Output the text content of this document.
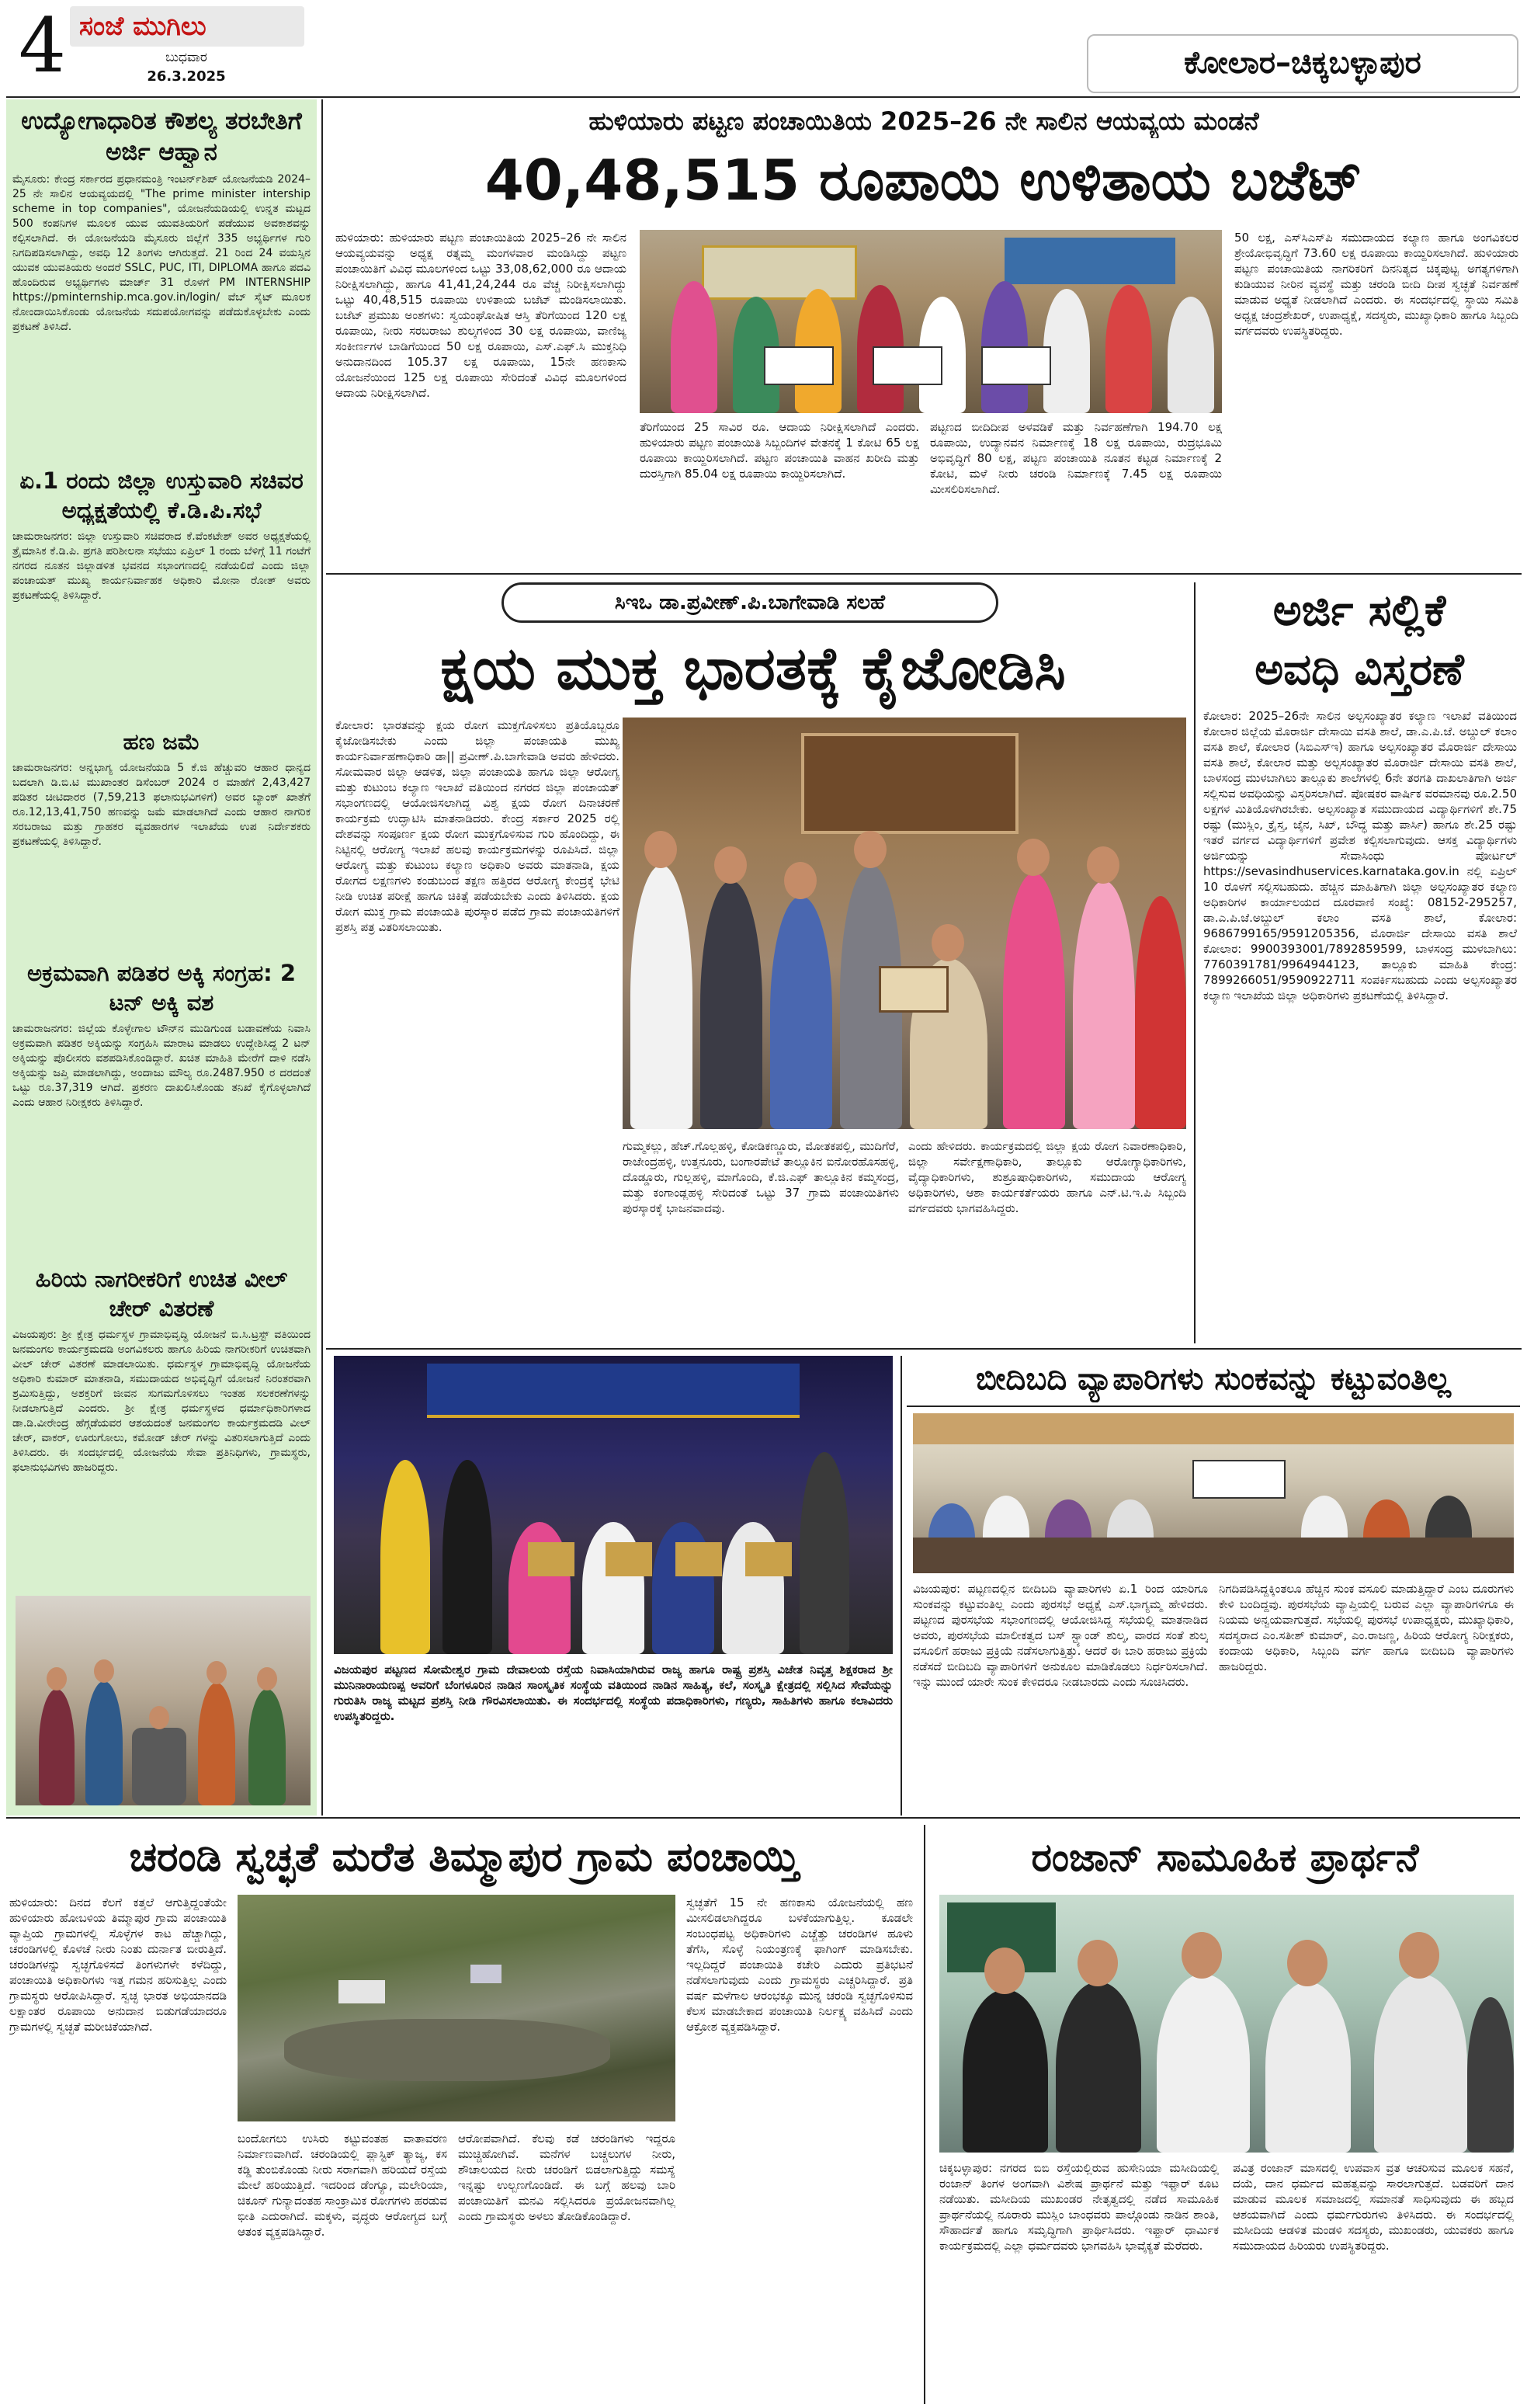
4 ಸಂಜೆ ಮುಗಿಲು
ಬುಧವಾರ
26.3.2025	ಕೋಲಾರ–ಚಿಕ್ಕಬಳ್ಳಾಪುರ
ಉದ್ಯೋಗಾಧಾರಿತ ಕೌಶಲ್ಯ ತರಬೇತಿಗೆ ಅರ್ಜಿ ಆಹ್ವಾನ
ಮೈಸೂರು: ಕೇಂದ್ರ ಸರ್ಕಾರದ ಪ್ರಧಾನಮಂತ್ರಿ ಇಂಟರ್ನ್‌ಶಿಪ್ ಯೋಜನೆಯಡಿ 2024–25 ನೇ ಸಾಲಿನ ಆಯವ್ಯಯದಲ್ಲಿ "The prime minister intership scheme in top companies", ಯೋಜನೆಯಡಿಯಲ್ಲಿ ಉನ್ನತ ಮಟ್ಟದ 500 ಕಂಪನಿಗಳ ಮೂಲಕ ಯುವ ಯುವತಿಯರಿಗೆ ಪಡೆಯುವ ಅವಕಾಶವನ್ನು ಕಲ್ಪಿಸಲಾಗಿದೆ. ಈ ಯೋಜನೆಯಡಿ ಮೈಸೂರು ಜಿಲ್ಲೆಗೆ 335 ಅಭ್ಯರ್ಥಿಗಳ ಗುರಿ ನಿಗದಿಪಡಿಸಲಾಗಿದ್ದು, ಅವಧಿ 12 ತಿಂಗಳು ಆಗಿರುತ್ತದೆ. 21 ರಿಂದ 24 ವಯಸ್ಸಿನ ಯುವಕ ಯುವತಿಯರು ಅಂದರೆ SSLC, PUC, ITI, DIPLOMA ಹಾಗೂ ಪದವಿ ಹೊಂದಿರುವ ಅಭ್ಯರ್ಥಿಗಳು ಮಾರ್ಚ್ 31 ರೊಳಗೆ PM INTERNSHIP https://pminternship.mca.gov.in/login/ ವೆಬ್ ಸೈಟ್ ಮೂಲಕ ನೋಂದಾಯಿಸಿಕೊಂಡು ಯೋಜನೆಯ ಸದುಪಯೋಗವನ್ನು ಪಡೆದುಕೊಳ್ಳಬೇಕು ಎಂದು ಪ್ರಕಟಣೆ ತಿಳಿಸಿದೆ.
ಏ.1 ರಂದು ಜಿಲ್ಲಾ ಉಸ್ತುವಾರಿ ಸಚಿವರ ಅಧ್ಯಕ್ಷತೆಯಲ್ಲಿ ಕೆ.ಡಿ.ಪಿ.ಸಭೆ
ಚಾಮರಾಜನಗರ: ಜಿಲ್ಲಾ ಉಸ್ತುವಾರಿ ಸಚಿವರಾದ ಕೆ.ವೆಂಕಟೇಶ್ ಅವರ ಅಧ್ಯಕ್ಷತೆಯಲ್ಲಿ ತ್ರೈಮಾಸಿಕ ಕೆ.ಡಿ.ಪಿ. ಪ್ರಗತಿ ಪರಿಶೀಲನಾ ಸಭೆಯು ಏಪ್ರಿಲ್ 1 ರಂದು ಬೆಳಿಗ್ಗೆ 11 ಗಂಟೆಗೆ ನಗರದ ನೂತನ ಜಿಲ್ಲಾಡಳಿತ ಭವನದ ಸಭಾಂಗಣದಲ್ಲಿ ನಡೆಯಲಿದೆ ಎಂದು ಜಿಲ್ಲಾ ಪಂಚಾಯತ್ ಮುಖ್ಯ ಕಾರ್ಯನಿರ್ವಾಹಕ ಅಧಿಕಾರಿ ಮೋನಾ ರೋತ್ ಅವರು ಪ್ರಕಟಣೆಯಲ್ಲಿ ತಿಳಿಸಿದ್ದಾರೆ.
ಹಣ ಜಮೆ
ಚಾಮರಾಜನಗರ: ಅನ್ನಭಾಗ್ಯ ಯೋಜನೆಯಡಿ 5 ಕೆ.ಜಿ ಹೆಚ್ಚುವರಿ ಆಹಾರ ಧಾನ್ಯದ ಬದಲಾಗಿ ಡಿ.ಬಿ.ಟಿ ಮುಖಾಂತರ ಡಿಸೆಂಬರ್ 2024 ರ ಮಾಹೆಗೆ 2,43,427 ಪಡಿತರ ಚೀಟಿದಾರರ (7,59,213 ಫಲಾನುಭವಿಗಳಿಗೆ) ಅವರ ಬ್ಯಾಂಕ್ ಖಾತೆಗೆ ರೂ.12,13,41,750 ಹಣವನ್ನು ಜಮೆ ಮಾಡಲಾಗಿದೆ ಎಂದು ಆಹಾರ ನಾಗರಿಕ ಸರಬರಾಜು ಮತ್ತು ಗ್ರಾಹಕರ ವ್ಯವಹಾರಗಳ ಇಲಾಖೆಯ ಉಪ ನಿರ್ದೇಶಕರು ಪ್ರಕಟಣೆಯಲ್ಲಿ ತಿಳಿಸಿದ್ದಾರೆ.
ಅಕ್ರಮವಾಗಿ ಪಡಿತರ ಅಕ್ಕಿ ಸಂಗ್ರಹ: 2 ಟನ್ ಅಕ್ಕಿ ವಶ
ಚಾಮರಾಜನಗರ: ಜಿಲ್ಲೆಯ ಕೊಳ್ಳೇಗಾಲ ಟೌನ್‌ನ ಮುಡಿಗುಂಡ ಬಡಾವಣೆಯ ನಿವಾಸಿ ಅಕ್ರಮವಾಗಿ ಪಡಿತರ ಅಕ್ಕಿಯನ್ನು ಸಂಗ್ರಹಿಸಿ ಮಾರಾಟ ಮಾಡಲು ಉದ್ದೇಶಿಸಿದ್ದ 2 ಟನ್ ಅಕ್ಕಿಯನ್ನು ಪೊಲೀಸರು ವಶಪಡಿಸಿಕೊಂಡಿದ್ದಾರೆ. ಖಚಿತ ಮಾಹಿತಿ ಮೇರೆಗೆ ದಾಳಿ ನಡೆಸಿ ಅಕ್ಕಿಯನ್ನು ಜಪ್ತಿ ಮಾಡಲಾಗಿದ್ದು, ಅಂದಾಜು ಮೌಲ್ಯ ರೂ.2487.950 ರ ದರದಂತೆ ಒಟ್ಟು ರೂ.37,319 ಆಗಿದೆ. ಪ್ರಕರಣ ದಾಖಲಿಸಿಕೊಂಡು ತನಿಖೆ ಕೈಗೊಳ್ಳಲಾಗಿದೆ ಎಂದು ಆಹಾರ ನಿರೀಕ್ಷಕರು ತಿಳಿಸಿದ್ದಾರೆ.
ಹಿರಿಯ ನಾಗರೀಕರಿಗೆ ಉಚಿತ ವೀಲ್ ಚೇರ್ ವಿತರಣೆ
ವಿಜಯಪುರ: ಶ್ರೀ ಕ್ಷೇತ್ರ ಧರ್ಮಸ್ಥಳ ಗ್ರಾಮಾಭಿವೃದ್ಧಿ ಯೋಜನೆ ಬಿ.ಸಿ.ಟ್ರಸ್ಟ್ ವತಿಯಿಂದ ಜನಮಂಗಲ ಕಾರ್ಯಕ್ರಮದಡಿ ಅಂಗವಿಕಲರು ಹಾಗೂ ಹಿರಿಯ ನಾಗರೀಕರಿಗೆ ಉಚಿತವಾಗಿ ವೀಲ್ ಚೇರ್ ವಿತರಣೆ ಮಾಡಲಾಯಿತು. ಧರ್ಮಸ್ಥಳ ಗ್ರಾಮಾಭಿವೃದ್ಧಿ ಯೋಜನೆಯ ಅಧಿಕಾರಿ ಕುಮಾರ್ ಮಾತನಾಡಿ, ಸಮುದಾಯದ ಅಭಿವೃದ್ಧಿಗೆ ಯೋಜನೆ ನಿರಂತರವಾಗಿ ಶ್ರಮಿಸುತ್ತಿದ್ದು, ಅಶಕ್ತರಿಗೆ ಜೀವನ ಸುಗಮಗೊಳಿಸಲು ಇಂತಹ ಸಲಕರಣೆಗಳನ್ನು ನೀಡಲಾಗುತ್ತಿದೆ ಎಂದರು. ಶ್ರೀ ಕ್ಷೇತ್ರ ಧರ್ಮಸ್ಥಳದ ಧರ್ಮಾಧಿಕಾರಿಗಳಾದ ಡಾ.ಡಿ.ವೀರೇಂದ್ರ ಹೆಗ್ಗಡೆಯವರ ಆಶಯದಂತೆ ಜನಮಂಗಲ ಕಾರ್ಯಕ್ರಮದಡಿ ವೀಲ್ ಚೇರ್, ವಾಕರ್, ಊರುಗೋಲು, ಕಮೋಡ್ ಚೇರ್ ಗಳನ್ನು ವಿತರಿಸಲಾಗುತ್ತಿದೆ ಎಂದು ತಿಳಿಸಿದರು. ಈ ಸಂದರ್ಭದಲ್ಲಿ ಯೋಜನೆಯ ಸೇವಾ ಪ್ರತಿನಿಧಿಗಳು, ಗ್ರಾಮಸ್ಥರು, ಫಲಾನುಭವಿಗಳು ಹಾಜರಿದ್ದರು.
ಹುಳಿಯಾರು ಪಟ್ಟಣ ಪಂಚಾಯಿತಿಯ 2025–26 ನೇ ಸಾಲಿನ ಆಯವ್ಯಯ ಮಂಡನೆ
40,48,515 ರೂಪಾಯಿ ಉಳಿತಾಯ ಬಜೆಟ್
ಹುಳಿಯಾರು: ಹುಳಿಯಾರು ಪಟ್ಟಣ ಪಂಚಾಯಿತಿಯ 2025–26 ನೇ ಸಾಲಿನ ಆಯವ್ಯಯವನ್ನು ಅಧ್ಯಕ್ಷ ರತ್ನಮ್ಮ ಮಂಗಳವಾರ ಮಂಡಿಸಿದ್ದು ಪಟ್ಟಣ ಪಂಚಾಯಿತಿಗೆ ವಿವಿಧ ಮೂಲಗಳಿಂದ ಒಟ್ಟು 33,08,62,000 ರೂ ಆದಾಯ ನಿರೀಕ್ಷಿಸಲಾಗಿದ್ದು, ಹಾಗೂ 41,41,24,244 ರೂ ವೆಚ್ಚ ನಿರೀಕ್ಷಿಸಲಾಗಿದ್ದು ಒಟ್ಟು 40,48,515 ರೂಪಾಯಿ ಉಳಿತಾಯ ಬಜೆಟ್ ಮಂಡಿಸಲಾಯಿತು. ಬಜೆಟ್ ಪ್ರಮುಖ ಅಂಶಗಳು: ಸ್ವಯಂಘೋಷಿತ ಆಸ್ತಿ ತೆರಿಗೆಯಿಂದ 120 ಲಕ್ಷ ರೂಪಾಯಿ, ನೀರು ಸರಬರಾಜು ಶುಲ್ಕಗಳಿಂದ 30 ಲಕ್ಷ ರೂಪಾಯಿ, ವಾಣಿಜ್ಯ ಸಂಕೀರ್ಣಗಳ ಬಾಡಿಗೆಯಿಂದ 50 ಲಕ್ಷ ರೂಪಾಯಿ, ಎಸ್.ಎಫ್.ಸಿ ಮುಕ್ತನಿಧಿ ಅನುದಾನದಿಂದ 105.37 ಲಕ್ಷ ರೂಪಾಯಿ, 15ನೇ ಹಣಕಾಸು ಯೋಜನೆಯಿಂದ 125 ಲಕ್ಷ ರೂಪಾಯಿ ಸೇರಿದಂತೆ ವಿವಿಧ ಮೂಲಗಳಿಂದ ಆದಾಯ ನಿರೀಕ್ಷಿಸಲಾಗಿದೆ.
ತೆರಿಗೆಯಿಂದ 25 ಸಾವಿರ ರೂ. ಆದಾಯ ನಿರೀಕ್ಷಿಸಲಾಗಿದೆ ಎಂದರು. ಹುಳಿಯಾರು ಪಟ್ಟಣ ಪಂಚಾಯಿತಿ ಸಿಬ್ಬಂದಿಗಳ ವೇತನಕ್ಕೆ 1 ಕೋಟಿ 65 ಲಕ್ಷ ರೂಪಾಯಿ ಕಾಯ್ದಿರಿಸಲಾಗಿದೆ. ಪಟ್ಟಣ ಪಂಚಾಯಿತಿ ವಾಹನ ಖರೀದಿ ಮತ್ತು ದುರಸ್ತಿಗಾಗಿ 85.04 ಲಕ್ಷ ರೂಪಾಯಿ ಕಾಯ್ದಿರಿಸಲಾಗಿದೆ.
ಪಟ್ಟಣದ ಬೀದಿದೀಪ ಅಳವಡಿಕೆ ಮತ್ತು ನಿರ್ವಹಣೆಗಾಗಿ 194.70 ಲಕ್ಷ ರೂಪಾಯಿ, ಉದ್ಯಾನವನ ನಿರ್ಮಾಣಕ್ಕೆ 18 ಲಕ್ಷ ರೂಪಾಯಿ, ರುದ್ರಭೂಮಿ ಅಭಿವೃದ್ಧಿಗೆ 80 ಲಕ್ಷ, ಪಟ್ಟಣ ಪಂಚಾಯಿತಿ ನೂತನ ಕಟ್ಟಡ ನಿರ್ಮಾಣಕ್ಕೆ 2 ಕೋಟಿ, ಮಳೆ ನೀರು ಚರಂಡಿ ನಿರ್ಮಾಣಕ್ಕೆ 7.45 ಲಕ್ಷ ರೂಪಾಯಿ ಮೀಸಲಿರಿಸಲಾಗಿದೆ.
50 ಲಕ್ಷ, ಎಸ್‌ಸಿಎಸ್‌ಪಿ ಸಮುದಾಯದ ಕಲ್ಯಾಣ ಹಾಗೂ ಅಂಗವಿಕಲರ ಶ್ರೇಯೋಭಿವೃದ್ಧಿಗೆ 73.60 ಲಕ್ಷ ರೂಪಾಯಿ ಕಾಯ್ದಿರಿಸಲಾಗಿದೆ. ಹುಳಿಯಾರು ಪಟ್ಟಣ ಪಂಚಾಯಿತಿಯ ನಾಗರಿಕರಿಗೆ ದಿನನಿತ್ಯದ ಚಿಕ್ಕಪುಟ್ಟ ಅಗತ್ಯಗಳಿಗಾಗಿ ಕುಡಿಯುವ ನೀರಿನ ವ್ಯವಸ್ಥೆ ಮತ್ತು ಚರಂಡಿ ಬೀದಿ ದೀಪ ಸ್ವಚ್ಛತೆ ನಿರ್ವಹಣೆ ಮಾಡುವ ಅಧ್ಯತೆ ನೀಡಲಾಗಿದೆ ಎಂದರು. ಈ ಸಂದರ್ಭದಲ್ಲಿ ಸ್ಥಾಯಿ ಸಮಿತಿ ಅಧ್ಯಕ್ಷ ಚಂದ್ರಶೇಖರ್, ಉಪಾಧ್ಯಕ್ಷೆ, ಸದಸ್ಯರು, ಮುಖ್ಯಾಧಿಕಾರಿ ಹಾಗೂ ಸಿಬ್ಬಂದಿ ವರ್ಗದವರು ಉಪಸ್ಥಿತರಿದ್ದರು.
ಸಿಇಒ ಡಾ.ಪ್ರವೀಣ್.ಪಿ.ಬಾಗೇವಾಡಿ ಸಲಹೆ
ಕ್ಷಯ ಮುಕ್ತ ಭಾರತಕ್ಕೆ ಕೈಜೋಡಿಸಿ
ಕೋಲಾರ: ಭಾರತವನ್ನು ಕ್ಷಯ ರೋಗ ಮುಕ್ತಗೊಳಿಸಲು ಪ್ರತಿಯೊಬ್ಬರೂ ಕೈಜೋಡಿಸಬೇಕು ಎಂದು ಜಿಲ್ಲಾ ಪಂಚಾಯತಿ ಮುಖ್ಯ ಕಾರ್ಯನಿರ್ವಾಹಣಾಧಿಕಾರಿ ಡಾ|| ಪ್ರವೀಣ್.ಪಿ.ಬಾಗೇವಾಡಿ ಅವರು ಹೇಳಿದರು. ಸೋಮವಾರ ಜಿಲ್ಲಾ ಆಡಳಿತ, ಜಿಲ್ಲಾ ಪಂಚಾಯತಿ ಹಾಗೂ ಜಿಲ್ಲಾ ಆರೋಗ್ಯ ಮತ್ತು ಕುಟುಂಬ ಕಲ್ಯಾಣ ಇಲಾಖೆ ವತಿಯಿಂದ ನಗರದ ಜಿಲ್ಲಾ ಪಂಚಾಯತ್ ಸಭಾಂಗಣದಲ್ಲಿ ಆಯೋಜಿಸಲಾಗಿದ್ದ ವಿಶ್ವ ಕ್ಷಯ ರೋಗ ದಿನಾಚರಣೆ ಕಾರ್ಯಕ್ರಮ ಉದ್ಘಾಟಿಸಿ ಮಾತನಾಡಿದರು. ಕೇಂದ್ರ ಸರ್ಕಾರ 2025 ರಲ್ಲಿ ದೇಶವನ್ನು ಸಂಪೂರ್ಣ ಕ್ಷಯ ರೋಗ ಮುಕ್ತಗೊಳಿಸುವ ಗುರಿ ಹೊಂದಿದ್ದು, ಈ ನಿಟ್ಟಿನಲ್ಲಿ ಆರೋಗ್ಯ ಇಲಾಖೆ ಹಲವು ಕಾರ್ಯಕ್ರಮಗಳನ್ನು ರೂಪಿಸಿದೆ. ಜಿಲ್ಲಾ ಆರೋಗ್ಯ ಮತ್ತು ಕುಟುಂಬ ಕಲ್ಯಾಣ ಅಧಿಕಾರಿ ಅವರು ಮಾತನಾಡಿ, ಕ್ಷಯ ರೋಗದ ಲಕ್ಷಣಗಳು ಕಂಡುಬಂದ ತಕ್ಷಣ ಹತ್ತಿರದ ಆರೋಗ್ಯ ಕೇಂದ್ರಕ್ಕೆ ಭೇಟಿ ನೀಡಿ ಉಚಿತ ಪರೀಕ್ಷೆ ಹಾಗೂ ಚಿಕಿತ್ಸೆ ಪಡೆಯಬೇಕು ಎಂದು ತಿಳಿಸಿದರು. ಕ್ಷಯ ರೋಗ ಮುಕ್ತ ಗ್ರಾಮ ಪಂಚಾಯತಿ ಪುರಸ್ಕಾರ ಪಡೆದ ಗ್ರಾಮ ಪಂಚಾಯತಿಗಳಿಗೆ ಪ್ರಶಸ್ತಿ ಪತ್ರ ವಿತರಿಸಲಾಯಿತು.
ಗುಮ್ಮಕಲ್ಲು, ಹೆಚ್.ಗೊಲ್ಲಹಳ್ಳಿ, ಕೋಡಿಕಣ್ಣೂರು, ಮೋತಕಪಲ್ಲಿ, ಮುದಿಗೆರೆ, ರಾಜೇಂದ್ರಹಳ್ಳಿ, ಉತ್ತನೂರು, ಬಂಗಾರಪೇಟೆ ತಾಲ್ಲೂಕಿನ ಐನೋರಹೊಸಹಳ್ಳಿ, ದೊಡ್ಡೂರು, ಗುಲ್ಲಹಳ್ಳಿ, ಮಾಗೊಂದಿ, ಕೆ.ಜಿ.ಎಫ್ ತಾಲ್ಲೂಕಿನ ಕಮ್ಮಸಂದ್ರ, ಮತ್ತು ಕಂಗಾಂಡ್ಲಹಳ್ಳಿ ಸೇರಿದಂತೆ ಒಟ್ಟು 37 ಗ್ರಾಮ ಪಂಚಾಯಿತಿಗಳು ಪುರಸ್ಕಾರಕ್ಕೆ ಭಾಜನವಾದವು.
ಎಂದು ಹೇಳಿದರು. ಕಾರ್ಯಕ್ರಮದಲ್ಲಿ ಜಿಲ್ಲಾ ಕ್ಷಯ ರೋಗ ನಿವಾರಣಾಧಿಕಾರಿ, ಜಿಲ್ಲಾ ಸರ್ವೇಕ್ಷಣಾಧಿಕಾರಿ, ತಾಲ್ಲೂಕು ಆರೋಗ್ಯಾಧಿಕಾರಿಗಳು, ವೈದ್ಯಾಧಿಕಾರಿಗಳು, ಶುಶ್ರೂಷಾಧಿಕಾರಿಗಳು, ಸಮುದಾಯ ಆರೋಗ್ಯ ಅಧಿಕಾರಿಗಳು, ಆಶಾ ಕಾರ್ಯಕರ್ತೆಯರು ಹಾಗೂ ಎನ್.ಟಿ.ಇ.ಪಿ ಸಿಬ್ಬಂದಿ ವರ್ಗದವರು ಭಾಗವಹಿಸಿದ್ದರು.
ಅರ್ಜಿ ಸಲ್ಲಿಕೆ
ಅವಧಿ ವಿಸ್ತರಣೆ
ಕೋಲಾರ: 2025–26ನೇ ಸಾಲಿನ ಅಲ್ಪಸಂಖ್ಯಾತರ ಕಲ್ಯಾಣ ಇಲಾಖೆ ವತಿಯಿಂದ ಕೋಲಾರ ಜಿಲ್ಲೆಯ ಮೊರಾರ್ಜಿ ದೇಸಾಯಿ ವಸತಿ ಶಾಲೆ, ಡಾ.ಎ.ಪಿ.ಜೆ. ಅಬ್ದುಲ್ ಕಲಾಂ ವಸತಿ ಶಾಲೆ, ಕೋಲಾರ (ಸಿಬಿಎಸ್‌ಇ) ಹಾಗೂ ಅಲ್ಪಸಂಖ್ಯಾತರ ಮೊರಾರ್ಜಿ ದೇಸಾಯಿ ವಸತಿ ಶಾಲೆ, ಕೋಲಾರ ಮತ್ತು ಅಲ್ಪಸಂಖ್ಯಾತರ ಮೊರಾರ್ಜಿ ದೇಸಾಯಿ ವಸತಿ ಶಾಲೆ, ಬಾಳಸಂದ್ರ ಮುಳಬಾಗಿಲು ತಾಲ್ಲೂಕು ಶಾಲೆಗಳಲ್ಲಿ 6ನೇ ತರಗತಿ ದಾಖಲಾತಿಗಾಗಿ ಅರ್ಜಿ ಸಲ್ಲಿಸುವ ಅವಧಿಯನ್ನು ವಿಸ್ತರಿಸಲಾಗಿದೆ. ಪೋಷಕರ ವಾರ್ಷಿಕ ವರಮಾನವು ರೂ.2.50 ಲಕ್ಷಗಳ ಮಿತಿಯೊಳಗಿರಬೇಕು. ಅಲ್ಪಸಂಖ್ಯಾತ ಸಮುದಾಯದ ವಿದ್ಯಾರ್ಥಿಗಳಿಗೆ ಶೇ.75 ರಷ್ಟು (ಮುಸ್ಲಿಂ, ಕ್ರೈಸ್ತ, ಜೈನ, ಸಿಖ್, ಬೌದ್ಧ ಮತ್ತು ಪಾರ್ಸಿ) ಹಾಗೂ ಶೇ.25 ರಷ್ಟು ಇತರೆ ವರ್ಗದ ವಿದ್ಯಾರ್ಥಿಗಳಿಗೆ ಪ್ರವೇಶ ಕಲ್ಪಿಸಲಾಗುವುದು. ಆಸಕ್ತ ವಿದ್ಯಾರ್ಥಿಗಳು ಅರ್ಜಿಯನ್ನು ಸೇವಾಸಿಂಧು ಪೋರ್ಟಲ್ https://sevasindhuservices.karnataka.gov.in ನಲ್ಲಿ ಏಪ್ರಿಲ್ 10 ರೊಳಗೆ ಸಲ್ಲಿಸಬಹುದು. ಹೆಚ್ಚಿನ ಮಾಹಿತಿಗಾಗಿ ಜಿಲ್ಲಾ ಅಲ್ಪಸಂಖ್ಯಾತರ ಕಲ್ಯಾಣ ಅಧಿಕಾರಿಗಳ ಕಾರ್ಯಾಲಯದ ದೂರವಾಣಿ ಸಂಖ್ಯೆ: 08152-295257, ಡಾ.ಎ.ಪಿ.ಜೆ.ಅಬ್ದುಲ್ ಕಲಾಂ ವಸತಿ ಶಾಲೆ, ಕೋಲಾರ: 9686799165/9591205356, ಮೊರಾರ್ಜಿ ದೇಸಾಯಿ ವಸತಿ ಶಾಲೆ ಕೋಲಾರ: 9900393001/7892859599, ಬಾಳಸಂದ್ರ ಮುಳಬಾಗಿಲು: 7760391781/9964944123, ತಾಲ್ಲೂಕು ಮಾಹಿತಿ ಕೇಂದ್ರ: 7899266051/9590922711 ಸಂಪರ್ಕಿಸಬಹುದು ಎಂದು ಅಲ್ಪಸಂಖ್ಯಾತರ ಕಲ್ಯಾಣ ಇಲಾಖೆಯ ಜಿಲ್ಲಾ ಅಧಿಕಾರಿಗಳು ಪ್ರಕಟಣೆಯಲ್ಲಿ ತಿಳಿಸಿದ್ದಾರೆ.
ವಿಜಯಪುರ ಪಟ್ಟಣದ ಸೋಮೇಶ್ವರ ಗ್ರಾಮ ದೇವಾಲಯ ರಸ್ತೆಯ ನಿವಾಸಿಯಾಗಿರುವ ರಾಜ್ಯ ಹಾಗೂ ರಾಷ್ಟ್ರ ಪ್ರಶಸ್ತಿ ವಿಜೇತ ನಿವೃತ್ತ ಶಿಕ್ಷಕರಾದ ಶ್ರೀ ಮುನಿನಾರಾಯಣಪ್ಪ ಅವರಿಗೆ ಬೆಂಗಳೂರಿನ ನಾಡಿನ ಸಾಂಸ್ಕೃತಿಕ ಸಂಸ್ಥೆಯ ವತಿಯಿಂದ ನಾಡಿನ ಸಾಹಿತ್ಯ, ಕಲೆ, ಸಂಸ್ಕೃತಿ ಕ್ಷೇತ್ರದಲ್ಲಿ ಸಲ್ಲಿಸಿದ ಸೇವೆಯನ್ನು ಗುರುತಿಸಿ ರಾಜ್ಯ ಮಟ್ಟದ ಪ್ರಶಸ್ತಿ ನೀಡಿ ಗೌರವಿಸಲಾಯಿತು. ಈ ಸಂದರ್ಭದಲ್ಲಿ ಸಂಸ್ಥೆಯ ಪದಾಧಿಕಾರಿಗಳು, ಗಣ್ಯರು, ಸಾಹಿತಿಗಳು ಹಾಗೂ ಕಲಾವಿದರು ಉಪಸ್ಥಿತರಿದ್ದರು.
ಬೀದಿಬದಿ ವ್ಯಾಪಾರಿಗಳು ಸುಂಕವನ್ನು ಕಟ್ಟುವಂತಿಲ್ಲ
ವಿಜಯಪುರ: ಪಟ್ಟಣದಲ್ಲಿನ ಬೀದಿಬದಿ ವ್ಯಾಪಾರಿಗಳು ಏ.1 ರಿಂದ ಯಾರಿಗೂ ಸುಂಕವನ್ನು ಕಟ್ಟುವಂತಿಲ್ಲ ಎಂದು ಪುರಸಭೆ ಅಧ್ಯಕ್ಷೆ ಎಸ್.ಭಾಗ್ಯಮ್ಮ ಹೇಳಿದರು. ಪಟ್ಟಣದ ಪುರಸಭೆಯ ಸಭಾಂಗಣದಲ್ಲಿ ಆಯೋಜಿಸಿದ್ದ ಸಭೆಯಲ್ಲಿ ಮಾತನಾಡಿದ ಅವರು, ಪುರಸಭೆಯ ಮಾಲೀಕತ್ವದ ಬಸ್ ಸ್ಟ್ಯಾಂಡ್ ಶುಲ್ಕ, ವಾರದ ಸಂತೆ ಶುಲ್ಕ ವಸೂಲಿಗೆ ಹರಾಜು ಪ್ರಕ್ರಿಯೆ ನಡೆಸಲಾಗುತ್ತಿತ್ತು. ಆದರೆ ಈ ಬಾರಿ ಹರಾಜು ಪ್ರಕ್ರಿಯೆ ನಡೆಸದೆ ಬೀದಿಬದಿ ವ್ಯಾಪಾರಿಗಳಿಗೆ ಅನುಕೂಲ ಮಾಡಿಕೊಡಲು ನಿರ್ಧರಿಸಲಾಗಿದೆ. ಇನ್ನು ಮುಂದೆ ಯಾರೇ ಸುಂಕ ಕೇಳಿದರೂ ನೀಡಬಾರದು ಎಂದು ಸೂಚಿಸಿದರು.
ನಿಗದಿಪಡಿಸಿದ್ದಕ್ಕಿಂತಲೂ ಹೆಚ್ಚಿನ ಸುಂಕ ವಸೂಲಿ ಮಾಡುತ್ತಿದ್ದಾರೆ ಎಂಬ ದೂರುಗಳು ಕೇಳಿ ಬಂದಿದ್ದವು. ಪುರಸಭೆಯ ವ್ಯಾಪ್ತಿಯಲ್ಲಿ ಬರುವ ಎಲ್ಲಾ ವ್ಯಾಪಾರಿಗಳಿಗೂ ಈ ನಿಯಮ ಅನ್ವಯವಾಗುತ್ತದೆ. ಸಭೆಯಲ್ಲಿ ಪುರಸಭೆ ಉಪಾಧ್ಯಕ್ಷರು, ಮುಖ್ಯಾಧಿಕಾರಿ, ಸದಸ್ಯರಾದ ಎಂ.ಸತೀಶ್ ಕುಮಾರ್, ಎಂ.ರಾಜಣ್ಣ, ಹಿರಿಯ ಆರೋಗ್ಯ ನಿರೀಕ್ಷಕರು, ಕಂದಾಯ ಅಧಿಕಾರಿ, ಸಿಬ್ಬಂದಿ ವರ್ಗ ಹಾಗೂ ಬೀದಿಬದಿ ವ್ಯಾಪಾರಿಗಳು ಹಾಜರಿದ್ದರು.
ಚರಂಡಿ ಸ್ವಚ್ಛತೆ ಮರೆತ ತಿಮ್ಮಾಪುರ ಗ್ರಾಮ ಪಂಚಾಯ್ತಿ
ಹುಳಿಯಾರು: ದಿನದ ಕೆಲಗೆ ಕತ್ತಲೆ ಆಗುತ್ತಿದ್ದಂತೆಯೇ ಹುಳಿಯಾರು ಹೋಬಳಿಯ ತಿಮ್ಮಾಪುರ ಗ್ರಾಮ ಪಂಚಾಯಿತಿ ವ್ಯಾಪ್ತಿಯ ಗ್ರಾಮಗಳಲ್ಲಿ ಸೊಳ್ಳೆಗಳ ಕಾಟ ಹೆಚ್ಚಾಗಿದ್ದು, ಚರಂಡಿಗಳಲ್ಲಿ ಕೊಳಚೆ ನೀರು ನಿಂತು ದುರ್ನಾತ ಬೀರುತ್ತಿದೆ. ಚರಂಡಿಗಳನ್ನು ಸ್ವಚ್ಛಗೊಳಿಸದೆ ತಿಂಗಳುಗಳೇ ಕಳೆದಿದ್ದು, ಪಂಚಾಯಿತಿ ಅಧಿಕಾರಿಗಳು ಇತ್ತ ಗಮನ ಹರಿಸುತ್ತಿಲ್ಲ ಎಂದು ಗ್ರಾಮಸ್ಥರು ಆರೋಪಿಸಿದ್ದಾರೆ. ಸ್ವಚ್ಛ ಭಾರತ ಅಭಿಯಾನದಡಿ ಲಕ್ಷಾಂತರ ರೂಪಾಯಿ ಅನುದಾನ ಬಿಡುಗಡೆಯಾದರೂ ಗ್ರಾಮಗಳಲ್ಲಿ ಸ್ವಚ್ಛತೆ ಮರೀಚಿಕೆಯಾಗಿದೆ.
ಬಂದೋಗಲು ಉಸಿರು ಕಟ್ಟುವಂತಹ ವಾತಾವರಣ ನಿರ್ಮಾಣವಾಗಿದೆ. ಚರಂಡಿಯಲ್ಲಿ ಪ್ಲಾಸ್ಟಿಕ್ ತ್ಯಾಜ್ಯ, ಕಸ ಕಡ್ಡಿ ತುಂಬಿಕೊಂಡು ನೀರು ಸರಾಗವಾಗಿ ಹರಿಯದೆ ರಸ್ತೆಯ ಮೇಲೆ ಹರಿಯುತ್ತಿದೆ. ಇದರಿಂದ ಡೆಂಗ್ಯೂ, ಮಲೇರಿಯಾ, ಚಿಕೂನ್ ಗುನ್ಯಾದಂತಹ ಸಾಂಕ್ರಾಮಿಕ ರೋಗಗಳು ಹರಡುವ ಭೀತಿ ಎದುರಾಗಿದೆ. ಮಕ್ಕಳು, ವೃದ್ಧರು ಆರೋಗ್ಯದ ಬಗ್ಗೆ ಆತಂಕ ವ್ಯಕ್ತಪಡಿಸಿದ್ದಾರೆ.
ಆರೋಪವಾಗಿದೆ. ಕೆಲವು ಕಡೆ ಚರಂಡಿಗಳು ಇದ್ದರೂ ಮುಚ್ಚಿಹೋಗಿವೆ. ಮನೆಗಳ ಬಚ್ಚಲುಗಳ ನೀರು, ಶೌಚಾಲಯದ ನೀರು ಚರಂಡಿಗೆ ಬಿಡಲಾಗುತ್ತಿದ್ದು ಸಮಸ್ಯೆ ಇನ್ನಷ್ಟು ಉಲ್ಬಣಗೊಂಡಿದೆ. ಈ ಬಗ್ಗೆ ಹಲವು ಬಾರಿ ಪಂಚಾಯಿತಿಗೆ ಮನವಿ ಸಲ್ಲಿಸಿದರೂ ಪ್ರಯೋಜನವಾಗಿಲ್ಲ ಎಂದು ಗ್ರಾಮಸ್ಥರು ಅಳಲು ತೋಡಿಕೊಂಡಿದ್ದಾರೆ.
ಸ್ವಚ್ಛತೆಗೆ 15 ನೇ ಹಣಕಾಸು ಯೋಜನೆಯಲ್ಲಿ ಹಣ ಮೀಸಲಿಡಲಾಗಿದ್ದರೂ ಬಳಕೆಯಾಗುತ್ತಿಲ್ಲ. ಕೂಡಲೇ ಸಂಬಂಧಪಟ್ಟ ಅಧಿಕಾರಿಗಳು ಎಚ್ಚೆತ್ತು ಚರಂಡಿಗಳ ಹೂಳು ತೆಗೆಸಿ, ಸೊಳ್ಳೆ ನಿಯಂತ್ರಣಕ್ಕೆ ಫಾಗಿಂಗ್ ಮಾಡಿಸಬೇಕು. ಇಲ್ಲದಿದ್ದರೆ ಪಂಚಾಯಿತಿ ಕಚೇರಿ ಎದುರು ಪ್ರತಿಭಟನೆ ನಡೆಸಲಾಗುವುದು ಎಂದು ಗ್ರಾಮಸ್ಥರು ಎಚ್ಚರಿಸಿದ್ದಾರೆ. ಪ್ರತಿ ವರ್ಷ ಮಳೆಗಾಲ ಆರಂಭಕ್ಕೂ ಮುನ್ನ ಚರಂಡಿ ಸ್ವಚ್ಛಗೊಳಿಸುವ ಕೆಲಸ ಮಾಡಬೇಕಾದ ಪಂಚಾಯಿತಿ ನಿರ್ಲಕ್ಷ್ಯ ವಹಿಸಿದೆ ಎಂದು ಆಕ್ರೋಶ ವ್ಯಕ್ತಪಡಿಸಿದ್ದಾರೆ.
ರಂಜಾನ್ ಸಾಮೂಹಿಕ ಪ್ರಾರ್ಥನೆ
ಚಿಕ್ಕಬಳ್ಳಾಪುರ: ನಗರದ ಬಿಬಿ ರಸ್ತೆಯಲ್ಲಿರುವ ಹುಸೇನಿಯಾ ಮಸೀದಿಯಲ್ಲಿ ರಂಜಾನ್ ತಿಂಗಳ ಅಂಗವಾಗಿ ವಿಶೇಷ ಪ್ರಾರ್ಥನೆ ಮತ್ತು ಇಫ್ತಾರ್ ಕೂಟ ನಡೆಯಿತು. ಮಸೀದಿಯ ಮುಖಂಡರ ನೇತೃತ್ವದಲ್ಲಿ ನಡೆದ ಸಾಮೂಹಿಕ ಪ್ರಾರ್ಥನೆಯಲ್ಲಿ ನೂರಾರು ಮುಸ್ಲಿಂ ಬಾಂಧವರು ಪಾಲ್ಗೊಂಡು ನಾಡಿನ ಶಾಂತಿ, ಸೌಹಾರ್ದತೆ ಹಾಗೂ ಸಮೃದ್ಧಿಗಾಗಿ ಪ್ರಾರ್ಥಿಸಿದರು. ಇಫ್ತಾರ್ ಧಾರ್ಮಿಕ ಕಾರ್ಯಕ್ರಮದಲ್ಲಿ ಎಲ್ಲಾ ಧರ್ಮದವರು ಭಾಗವಹಿಸಿ ಭಾವೈಕ್ಯತೆ ಮೆರೆದರು.
ಪವಿತ್ರ ರಂಜಾನ್ ಮಾಸದಲ್ಲಿ ಉಪವಾಸ ವ್ರತ ಆಚರಿಸುವ ಮೂಲಕ ಸಹನೆ, ದಯೆ, ದಾನ ಧರ್ಮದ ಮಹತ್ವವನ್ನು ಸಾರಲಾಗುತ್ತದೆ. ಬಡವರಿಗೆ ದಾನ ಮಾಡುವ ಮೂಲಕ ಸಮಾಜದಲ್ಲಿ ಸಮಾನತೆ ಸಾಧಿಸುವುದು ಈ ಹಬ್ಬದ ಆಶಯವಾಗಿದೆ ಎಂದು ಧರ್ಮಗುರುಗಳು ತಿಳಿಸಿದರು. ಈ ಸಂದರ್ಭದಲ್ಲಿ ಮಸೀದಿಯ ಆಡಳಿತ ಮಂಡಳಿ ಸದಸ್ಯರು, ಮುಖಂಡರು, ಯುವಕರು ಹಾಗೂ ಸಮುದಾಯದ ಹಿರಿಯರು ಉಪಸ್ಥಿತರಿದ್ದರು.
